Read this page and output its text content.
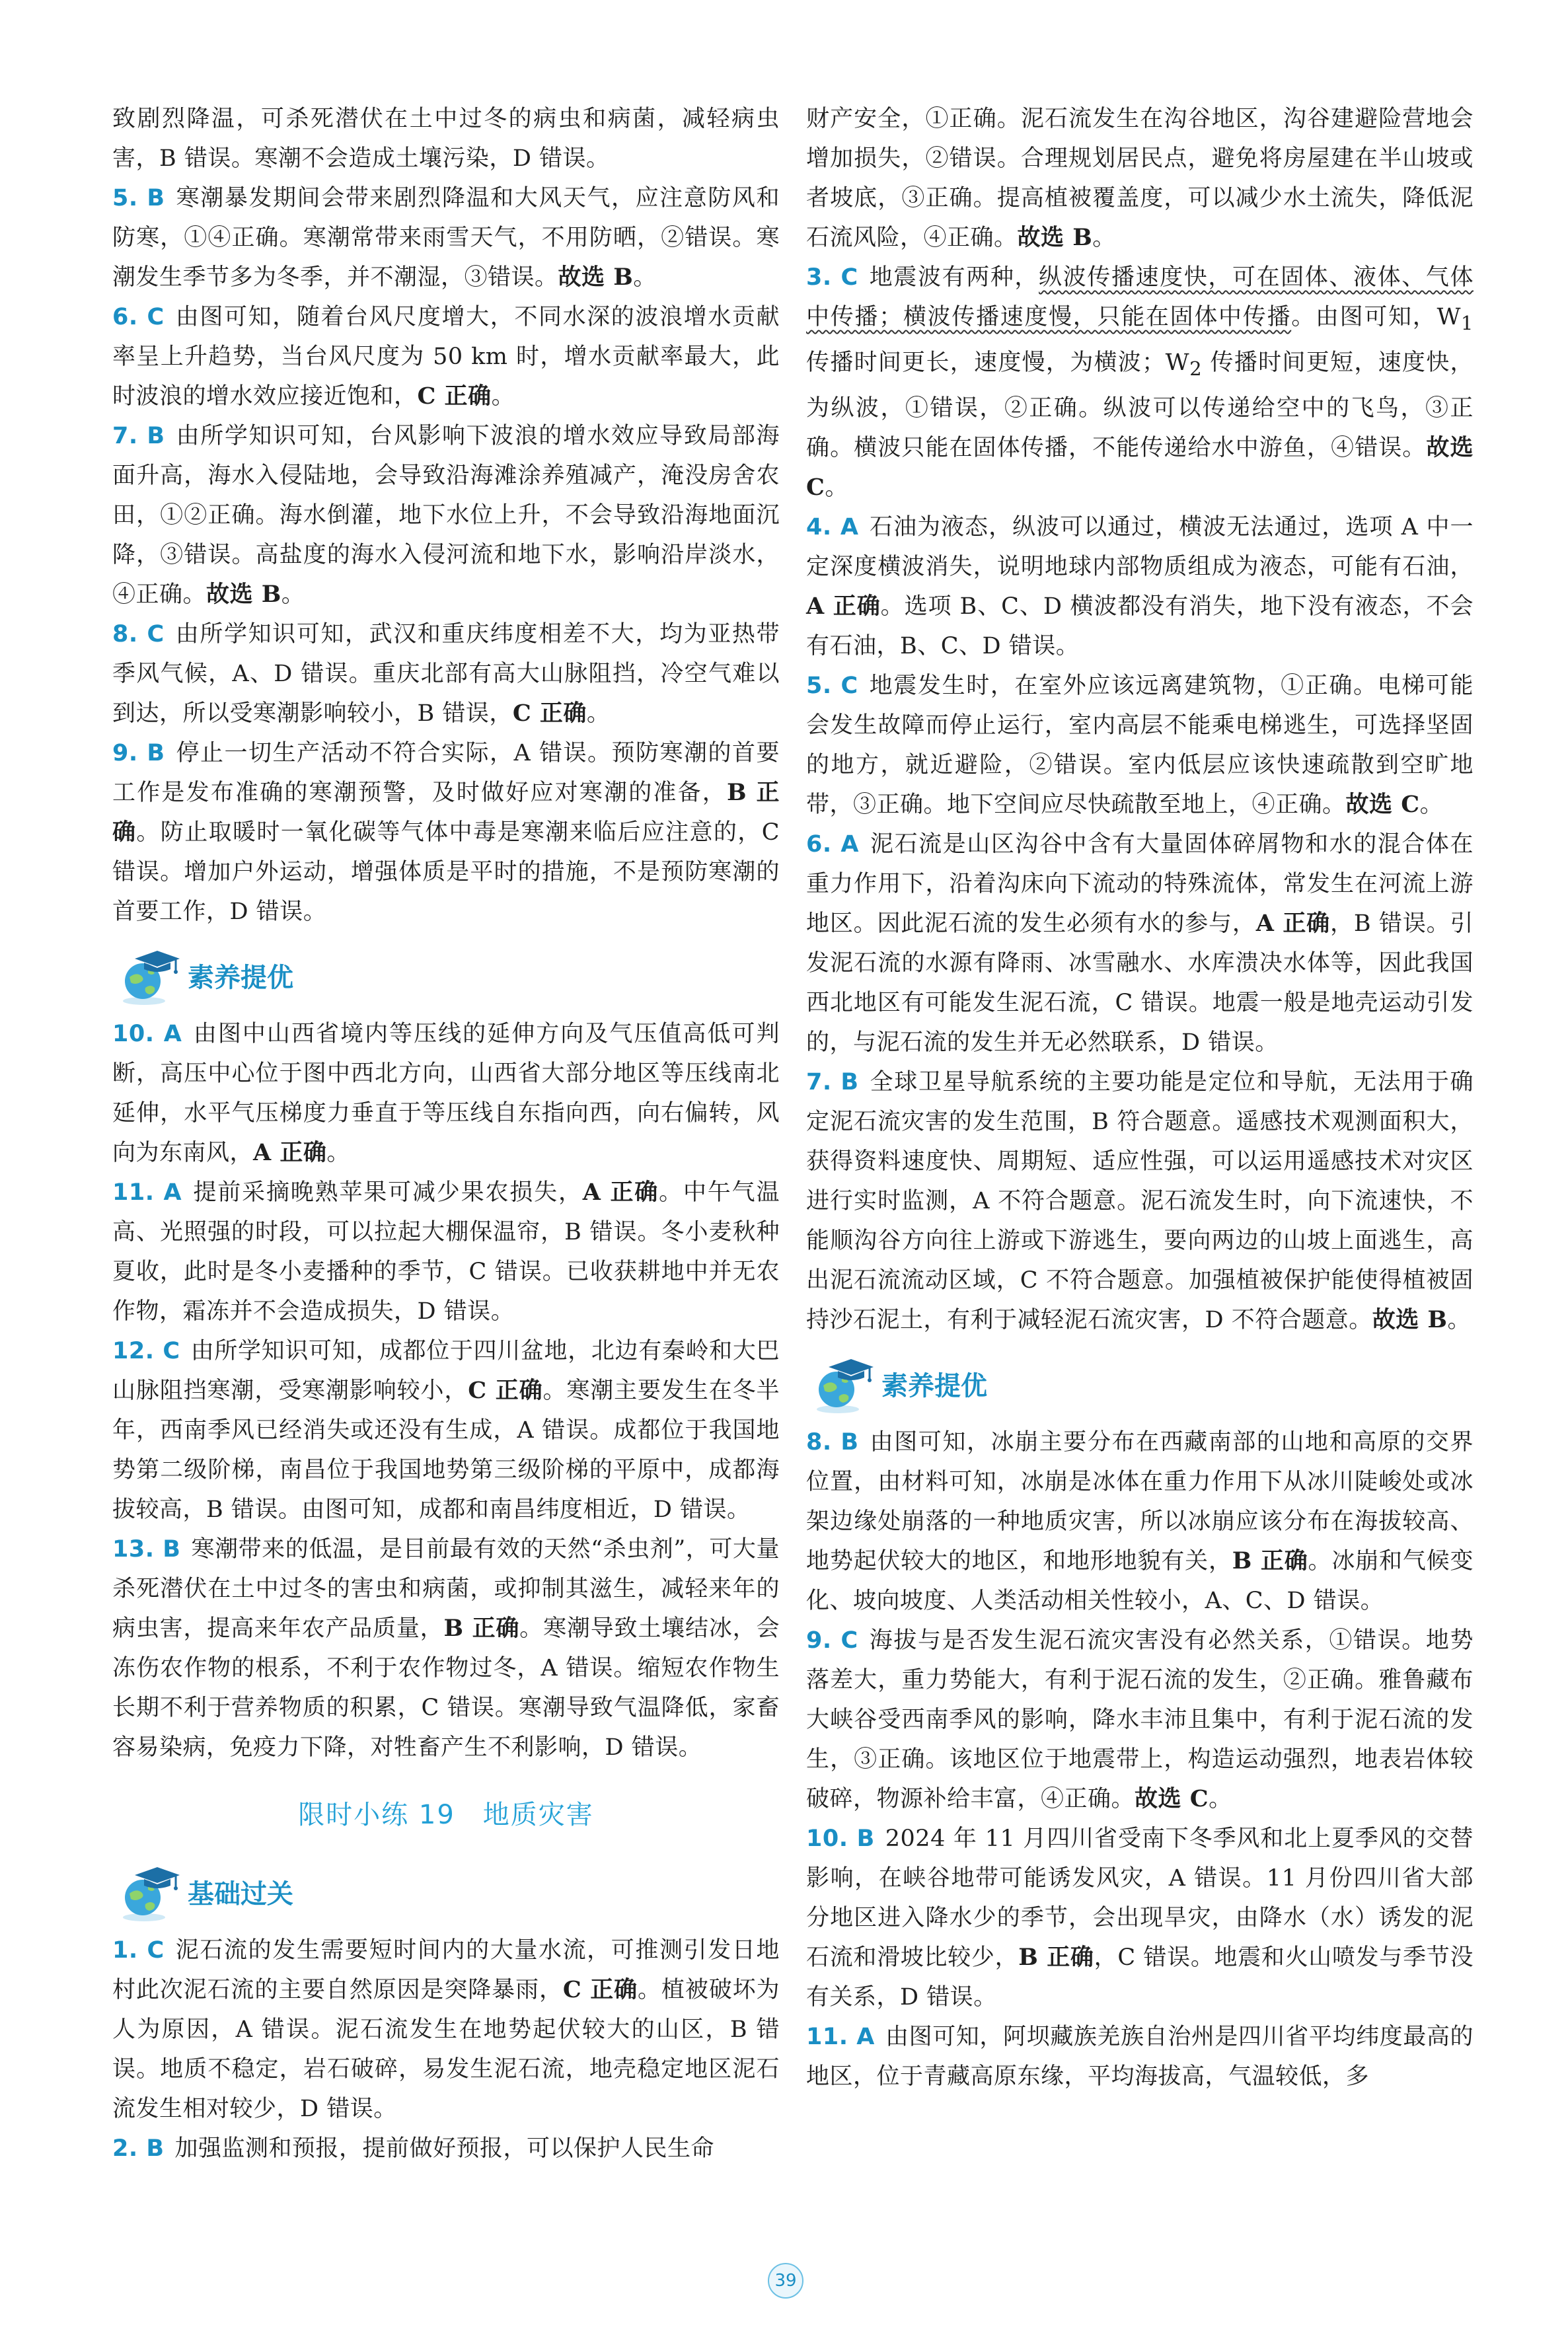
致剧烈降温，可杀死潜伏在土中过冬的病虫和病菌，减轻病虫害，B 错误。寒潮不会造成土壤污染，D 错误。

5. B 寒潮暴发期间会带来剧烈降温和大风天气，应注意防风和防寒，①④正确。寒潮常带来雨雪天气，不用防晒，②错误。寒潮发生季节多为冬季，并不潮湿，③错误。故选 B。

6. C 由图可知，随着台风尺度增大，不同水深的波浪增水贡献率呈上升趋势，当台风尺度为 50 km 时，增水贡献率最大，此时波浪的增水效应接近饱和，C 正确。

7. B 由所学知识可知，台风影响下波浪的增水效应导致局部海面升高，海水入侵陆地，会导致沿海滩涂养殖减产，淹没房舍农田，①②正确。海水倒灌，地下水位上升，不会导致沿海地面沉降，③错误。高盐度的海水入侵河流和地下水，影响沿岸淡水，④正确。故选 B。

8. C 由所学知识可知，武汉和重庆纬度相差不大，均为亚热带季风气候，A、D 错误。重庆北部有高大山脉阻挡，冷空气难以到达，所以受寒潮影响较小，B 错误，C 正确。

9. B 停止一切生产活动不符合实际，A 错误。预防寒潮的首要工作是发布准确的寒潮预警，及时做好应对寒潮的准备，B 正确。防止取暖时一氧化碳等气体中毒是寒潮来临后应注意的，C 错误。增加户外运动，增强体质是平时的措施，不是预防寒潮的首要工作，D 错误。

素养提优

10. A 由图中山西省境内等压线的延伸方向及气压值高低可判断，高压中心位于图中西北方向，山西省大部分地区等压线南北延伸，水平气压梯度力垂直于等压线自东指向西，向右偏转，风向为东南风，A 正确。

11. A 提前采摘晚熟苹果可减少果农损失，A 正确。中午气温高、光照强的时段，可以拉起大棚保温帘，B 错误。冬小麦秋种夏收，此时是冬小麦播种的季节，C 错误。已收获耕地中并无农作物，霜冻并不会造成损失，D 错误。

12. C 由所学知识可知，成都位于四川盆地，北边有秦岭和大巴山脉阻挡寒潮，受寒潮影响较小，C 正确。寒潮主要发生在冬半年，西南季风已经消失或还没有生成，A 错误。成都位于我国地势第二级阶梯，南昌位于我国地势第三级阶梯的平原中，成都海拔较高，B 错误。由图可知，成都和南昌纬度相近，D 错误。

13. B 寒潮带来的低温，是目前最有效的天然“杀虫剂”，可大量杀死潜伏在土中过冬的害虫和病菌，或抑制其滋生，减轻来年的病虫害，提高来年农产品质量，B 正确。寒潮导致土壤结冰，会冻伤农作物的根系，不利于农作物过冬，A 错误。缩短农作物生长期不利于营养物质的积累，C 错误。寒潮导致气温降低，家畜容易染病，免疫力下降，对牲畜产生不利影响，D 错误。

限时小练 19　地质灾害
基础过关

1. C 泥石流的发生需要短时间内的大量水流，可推测引发日地村此次泥石流的主要自然原因是突降暴雨，C 正确。植被破坏为人为原因，A 错误。泥石流发生在地势起伏较大的山区，B 错误。地质不稳定，岩石破碎，易发生泥石流，地壳稳定地区泥石流发生相对较少，D 错误。

2. B 加强监测和预报，提前做好预报，可以保护人民生命

财产安全，①正确。泥石流发生在沟谷地区，沟谷建避险营地会增加损失，②错误。合理规划居民点，避免将房屋建在半山坡或者坡底，③正确。提高植被覆盖度，可以减少水土流失，降低泥石流风险，④正确。故选 B。

3. C 地震波有两种，纵波传播速度快，可在固体、液体、气体中传播；横波传播速度慢，只能在固体中传播。由图可知，$W_1$ 传播时间更长，速度慢，为横波；$W_2$ 传播时间更短，速度快，为纵波，①错误，②正确。纵波可以传递给空中的飞鸟，③正确。横波只能在固体传播，不能传递给水中游鱼，④错误。故选 C。

4. A 石油为液态，纵波可以通过，横波无法通过，选项 A 中一定深度横波消失，说明地球内部物质组成为液态，可能有石油，A 正确。选项 B、C、D 横波都没有消失，地下没有液态，不会有石油，B、C、D 错误。

5. C 地震发生时，在室外应该远离建筑物，①正确。电梯可能会发生故障而停止运行，室内高层不能乘电梯逃生，可选择坚固的地方，就近避险，②错误。室内低层应该快速疏散到空旷地带，③正确。地下空间应尽快疏散至地上，④正确。故选 C。

6. A 泥石流是山区沟谷中含有大量固体碎屑物和水的混合体在重力作用下，沿着沟床向下流动的特殊流体，常发生在河流上游地区。因此泥石流的发生必须有水的参与，A 正确，B 错误。引发泥石流的水源有降雨、冰雪融水、水库溃决水体等，因此我国西北地区有可能发生泥石流，C 错误。地震一般是地壳运动引发的，与泥石流的发生并无必然联系，D 错误。

7. B 全球卫星导航系统的主要功能是定位和导航，无法用于确定泥石流灾害的发生范围，B 符合题意。遥感技术观测面积大，获得资料速度快、周期短、适应性强，可以运用遥感技术对灾区进行实时监测，A 不符合题意。泥石流发生时，向下流速快，不能顺沟谷方向往上游或下游逃生，要向两边的山坡上面逃生，高出泥石流流动区域，C 不符合题意。加强植被保护能使得植被固持沙石泥土，有利于减轻泥石流灾害，D 不符合题意。故选 B。

素养提优

8. B 由图可知，冰崩主要分布在西藏南部的山地和高原的交界位置，由材料可知，冰崩是冰体在重力作用下从冰川陡峻处或冰架边缘处崩落的一种地质灾害，所以冰崩应该分布在海拔较高、地势起伏较大的地区，和地形地貌有关，B 正确。冰崩和气候变化、坡向坡度、人类活动相关性较小，A、C、D 错误。

9. C 海拔与是否发生泥石流灾害没有必然关系，①错误。地势落差大，重力势能大，有利于泥石流的发生，②正确。雅鲁藏布大峡谷受西南季风的影响，降水丰沛且集中，有利于泥石流的发生，③正确。该地区位于地震带上，构造运动强烈，地表岩体较破碎，物源补给丰富，④正确。故选 C。

10. B 2024 年 11 月四川省受南下冬季风和北上夏季风的交替影响，在峡谷地带可能诱发风灾，A 错误。11 月份四川省大部分地区进入降水少的季节，会出现旱灾，由降水（水）诱发的泥石流和滑坡比较少，B 正确，C 错误。地震和火山喷发与季节没有关系，D 错误。

11. A 由图可知，阿坝藏族羌族自治州是四川省平均纬度最高的地区，位于青藏高原东缘，平均海拔高，气温较低，多

39
